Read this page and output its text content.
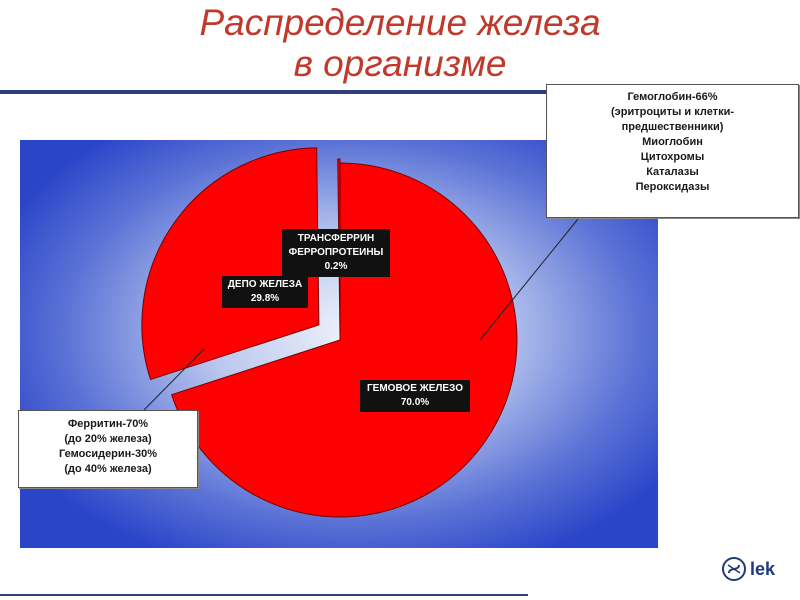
Распределение железа
в организме
ТРАНСФЕРРИН
ФЕРРОПРОТЕИНЫ
0.2%
ДЕПО ЖЕЛЕЗА
29.8%
ГЕМОВОЕ ЖЕЛЕЗО
70.0%
Гемоглобин-66%
(эритроциты и клетки-
предшественники)
Миоглобин
Цитохромы
Каталазы
Пероксидазы
Ферритин-70%
(до 20% железа)
Гемосидерин-30%
(до 40% железа)
lek
